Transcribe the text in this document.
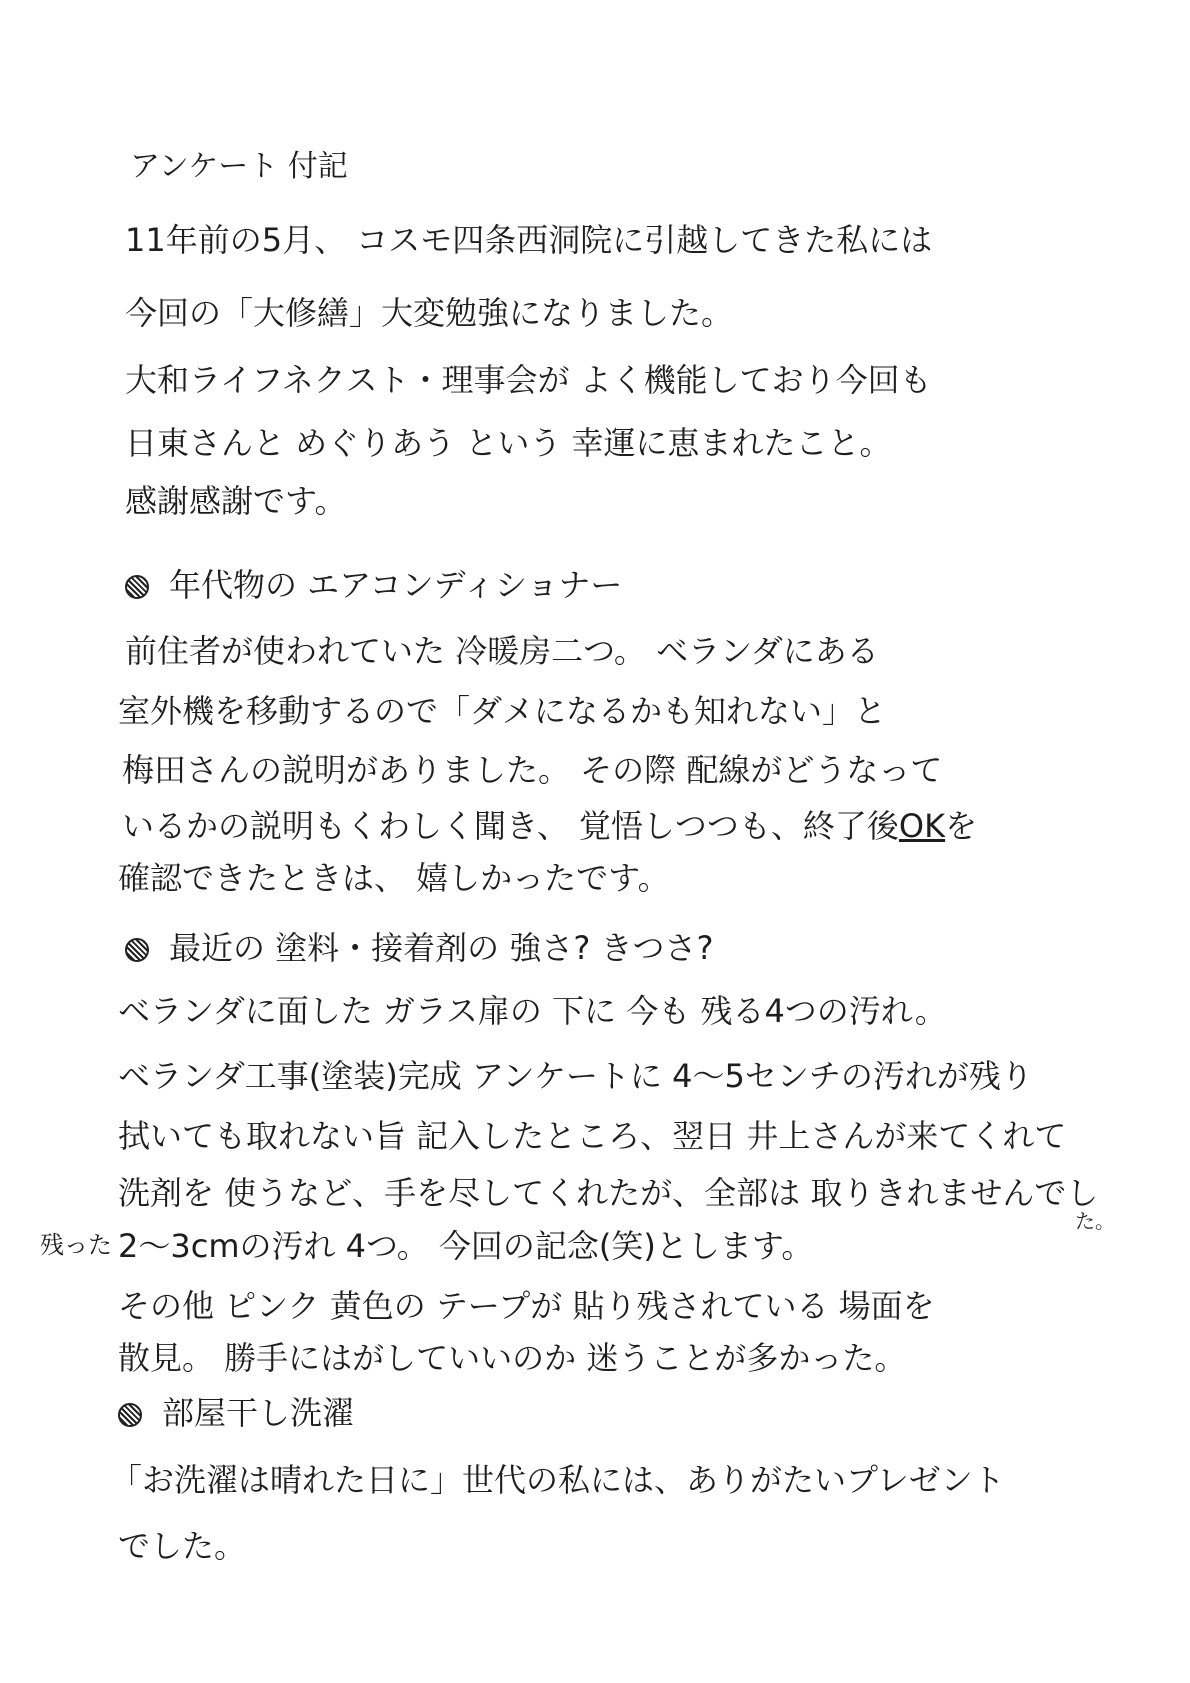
アンケート 付記

11年前の5月、 コスモ四条西洞院に引越してきた私には

今回の「大修繕」大変勉強になりました。

大和ライフネクスト・理事会が よく機能しており今回も

日東さんと めぐりあう という 幸運に恵まれたこと。

感謝感謝です。

年代物の エアコンディショナー

前住者が使われていた 冷暖房二つ。 ベランダにある

室外機を移動するので「ダメになるかも知れない」と

梅田さんの説明がありました。 その際 配線がどうなって

いるかの説明もくわしく聞き、 覚悟しつつも、終了後OKを

確認できたときは、 嬉しかったです。

最近の 塗料・接着剤の 強さ? きつさ?

ベランダに面した ガラス扉の 下に 今も 残る4つの汚れ。

ベランダ工事(塗装)完成 アンケートに 4〜5センチの汚れが残り

拭いても取れない旨 記入したところ、翌日 井上さんが来てくれて

洗剤を 使うなど、手を尽してくれたが、全部は 取りきれませんでし

た。
残った 2〜3cmの汚れ 4つ。 今回の記念(笑)とします。

その他 ピンク 黄色の テープが 貼り残されている 場面を

散見。 勝手にはがしていいのか 迷うことが多かった。

部屋干し洗濯

「お洗濯は晴れた日に」世代の私には、ありがたいプレゼント

でした。
